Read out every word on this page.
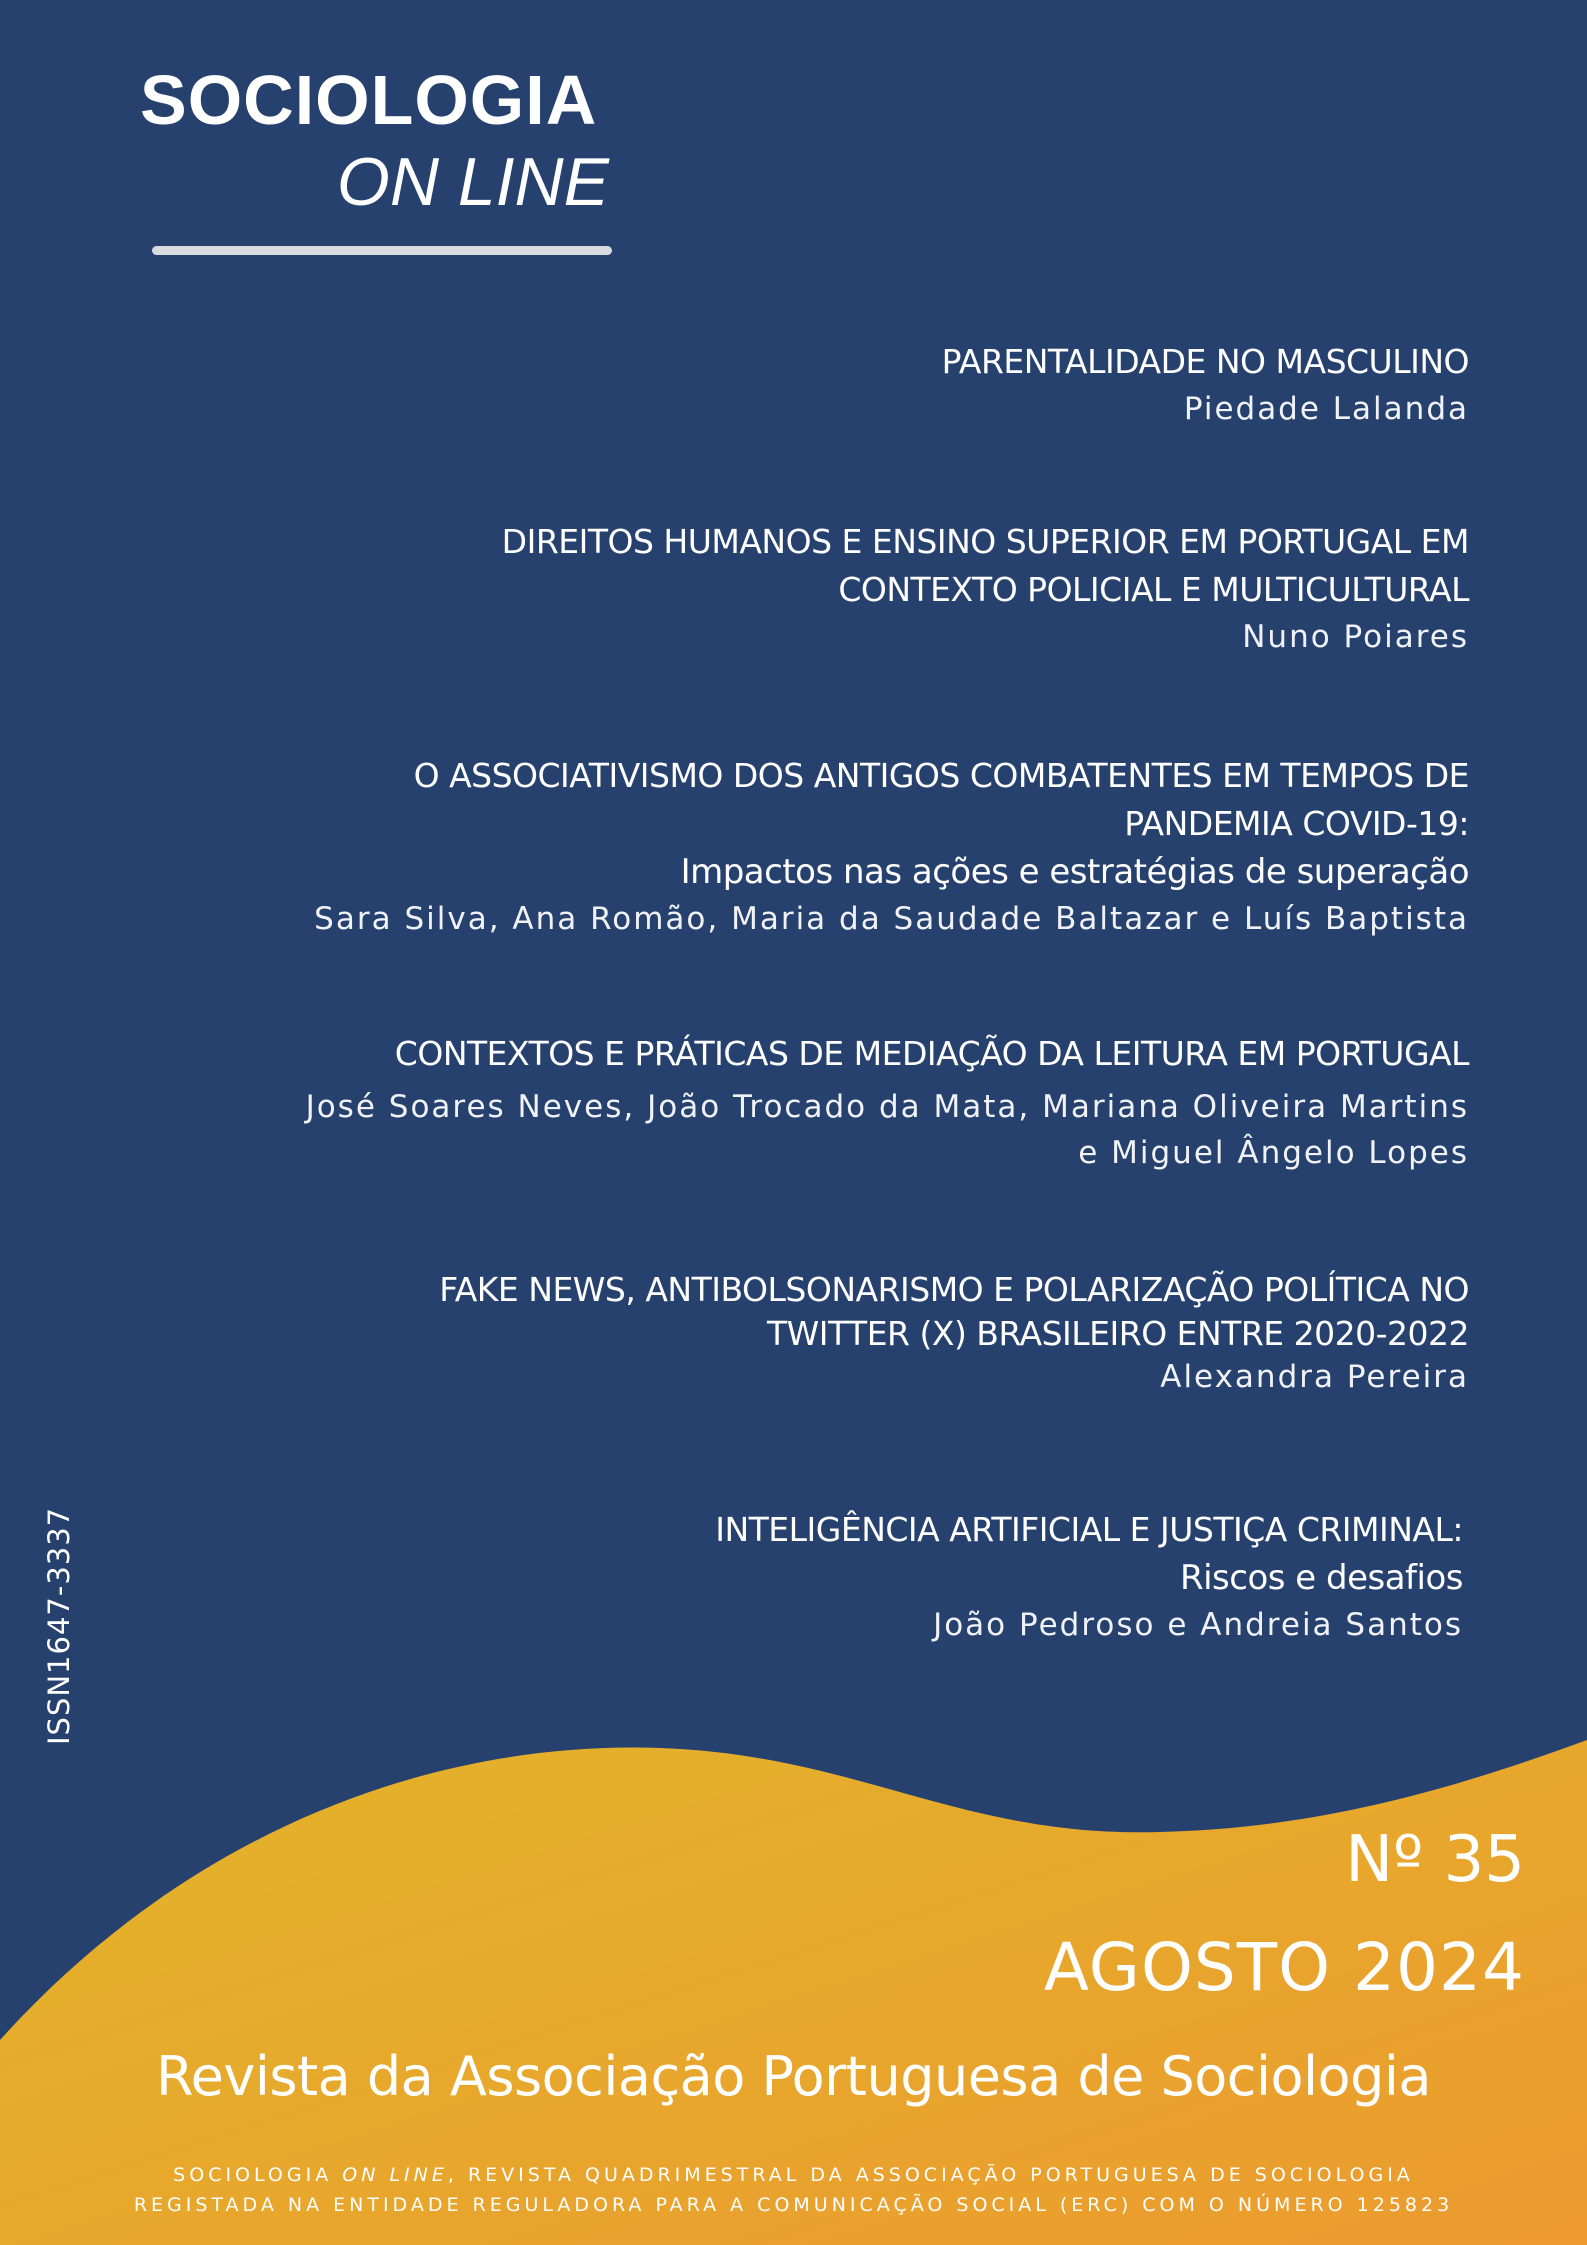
SOCIOLOGIA
ON LINE
PARENTALIDADE NO MASCULINO
Piedade Lalanda
DIREITOS HUMANOS E ENSINO SUPERIOR EM PORTUGAL EM
CONTEXTO POLICIAL E MULTICULTURAL
Nuno Poiares
O ASSOCIATIVISMO DOS ANTIGOS COMBATENTES EM TEMPOS DE
PANDEMIA COVID-19:
Impactos nas ações e estratégias de superação
Sara Silva, Ana Romão, Maria da Saudade Baltazar e Luís Baptista
CONTEXTOS E PRÁTICAS DE MEDIAÇÃO DA LEITURA EM PORTUGAL
José Soares Neves, João Trocado da Mata, Mariana Oliveira Martins
e Miguel Ângelo Lopes
FAKE NEWS, ANTIBOLSONARISMO E POLARIZAÇÃO POLÍTICA NO
TWITTER (X) BRASILEIRO ENTRE 2020-2022
Alexandra Pereira
INTELIGÊNCIA ARTIFICIAL E JUSTIÇA CRIMINAL:
Riscos e desafios
João Pedroso e Andreia Santos
ISSN1647-3337
Nº 35
AGOSTO 2024
Revista da Associação Portuguesa de Sociologia
SOCIOLOGIA ON LINE, REVISTA QUADRIMESTRAL DA ASSOCIAÇÃO PORTUGUESA DE SOCIOLOGIA
REGISTADA NA ENTIDADE REGULADORA PARA A COMUNICAÇÃO SOCIAL (ERC) COM O NÚMERO 125823
